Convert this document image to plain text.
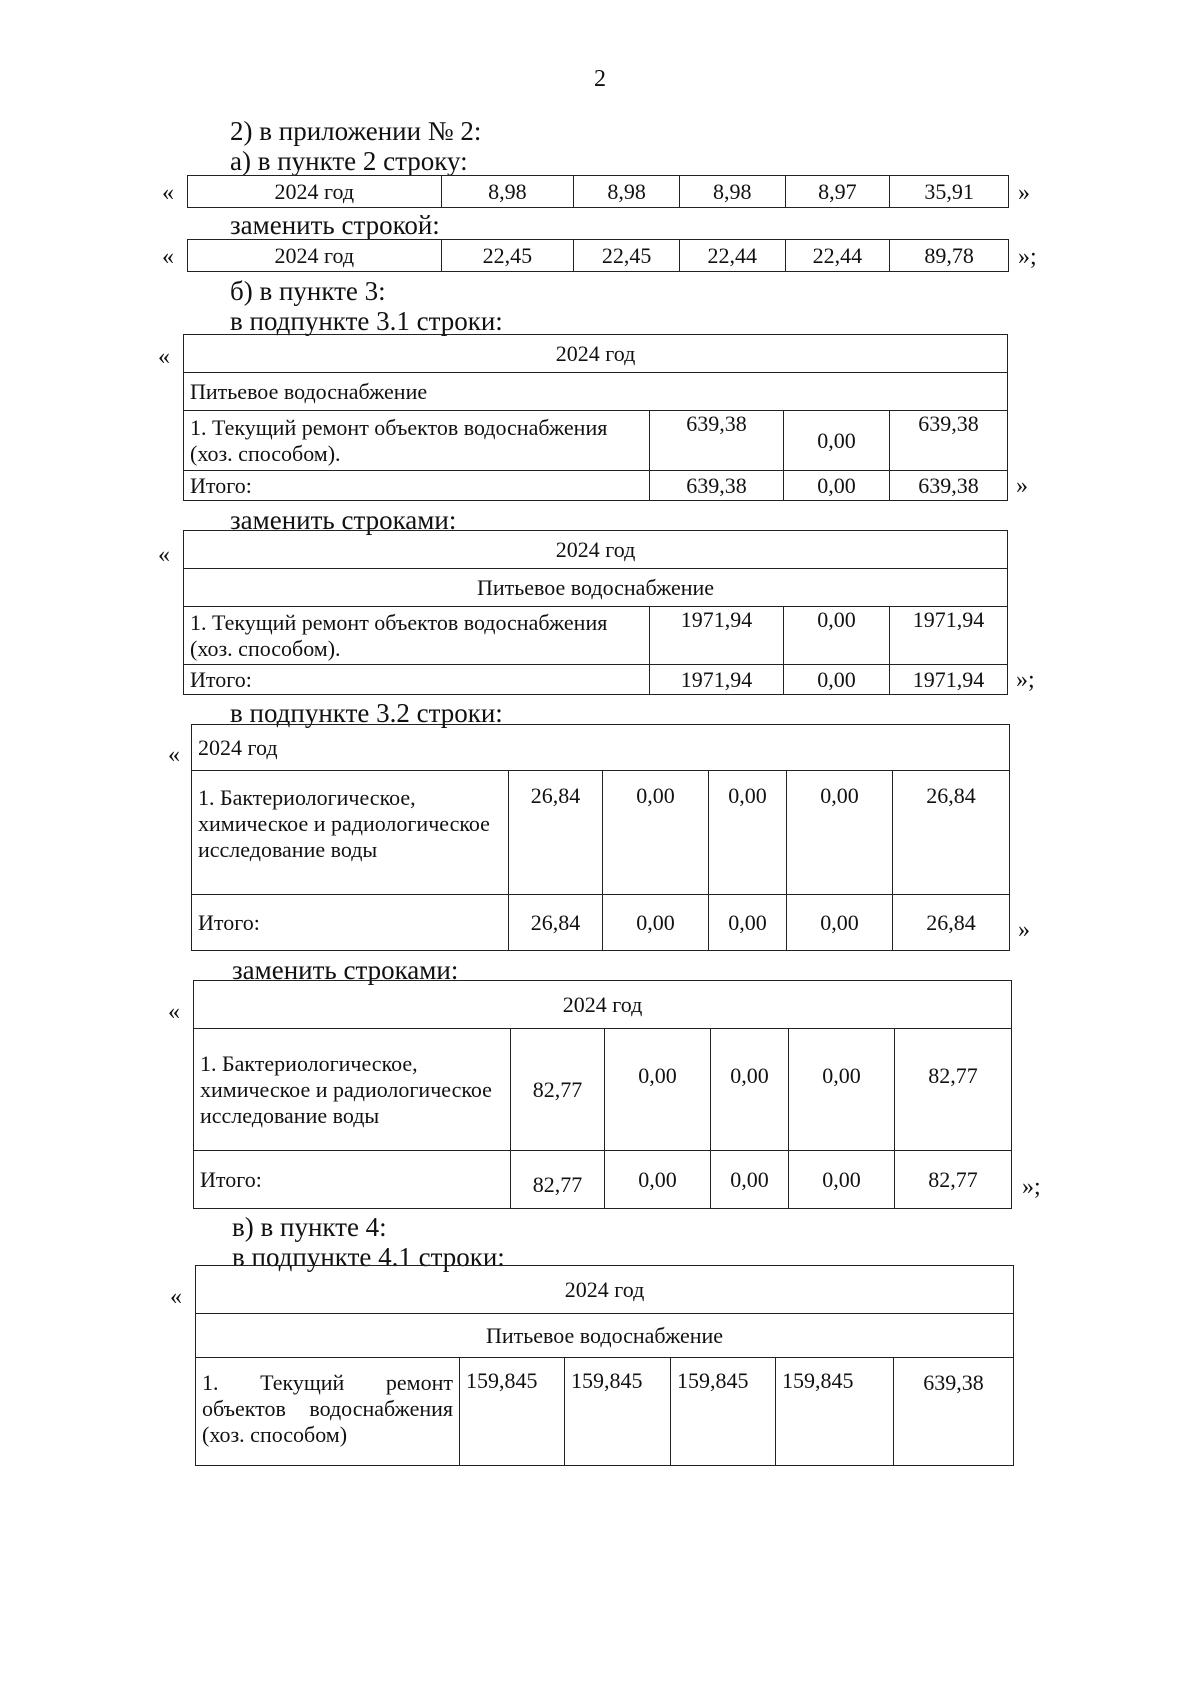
2
2) в приложении № 2:
а) в пункте 2 строку:
«	2024 год	8,98	8,98	8,98	8,97	35,91 »
заменить строкой:
«	2024 год	22,45	22,45	22,44	22,44	89,78 »;
б) в пункте 3:
в подпункте 3.1 строки:
«	2024 год			
Питьевое водоснабжение			
1. Текущий ремонт объектов водоснабжения (хоз. способом).	639,38	0,00	639,38
Итого:	639,38	0,00	639,38 »
заменить строками:
«	2024 год			
Питьевое водоснабжение			
1. Текущий ремонт объектов водоснабжения (хоз. способом).	1971,94	0,00	1971,94
Итого:	1971,94	0,00	1971,94 »;
в подпункте 3.2 строки:
« 2024 год					
1. Бактериологическое, химическое и радиологическое исследование воды	26,84	0,00	0,00	0,00	26,84
Итого:	26,84	0,00	0,00	0,00	26,84 »
заменить строками:
«	2024 год					
1. Бактериологическое, химическое и радиологическое исследование воды	82,77	0,00	0,00	0,00	82,77
Итого:	82,77	0,00	0,00	0,00	82,77 »;
в) в пункте 4:
в подпункте 4.1 строки:
«	2024 год
Питьевое водоснабжение
1. Текущий ремонт объектов водоснабжения (хоз. способом)	159,845	159,845	159,845	159,845	639,38
